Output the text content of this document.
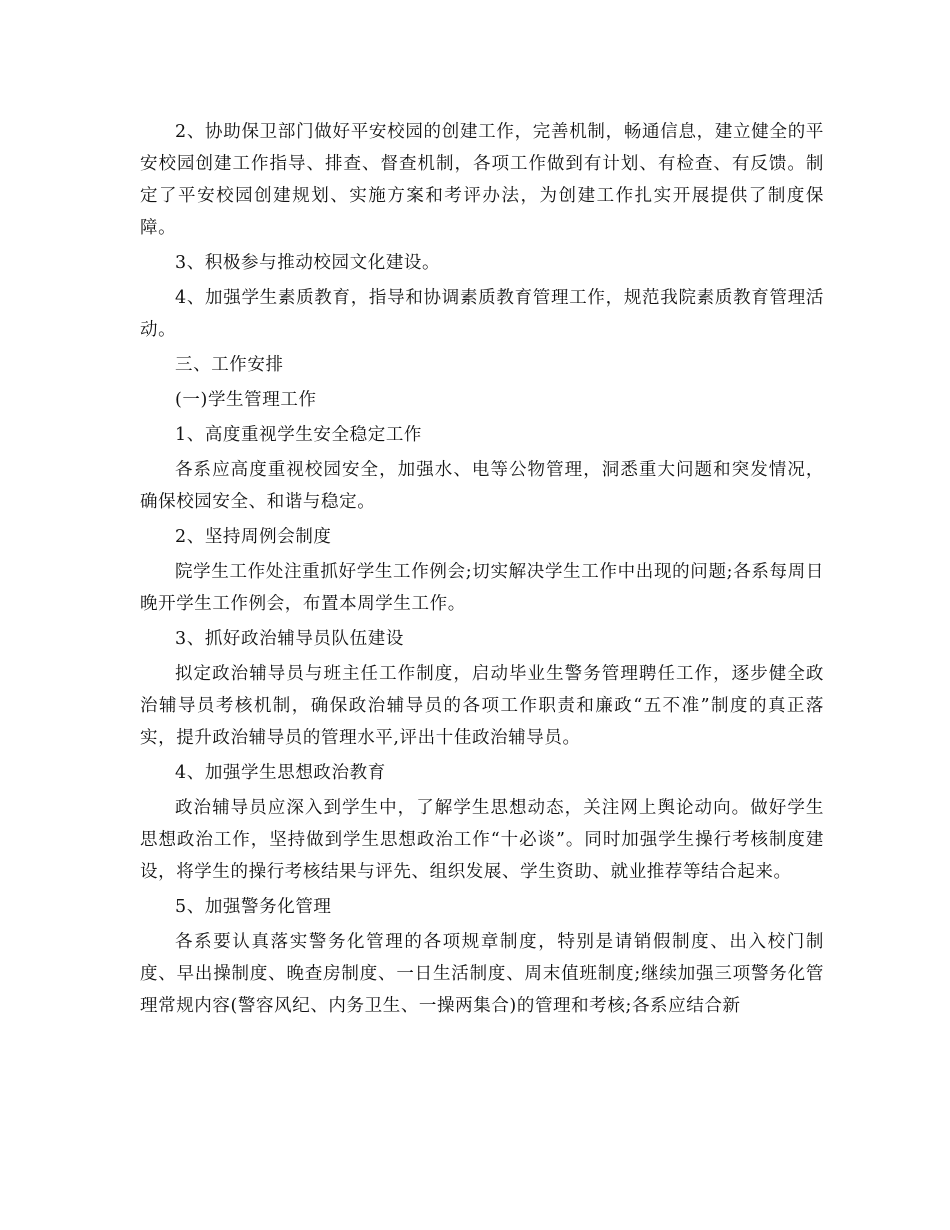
2、协助保卫部门做好平安校园的创建工作，完善机制，畅通信息，建立健全的平安校园创建工作指导、排查、督查机制，各项工作做到有计划、有检查、有反馈。制定了平安校园创建规划、实施方案和考评办法，为创建工作扎实开展提供了制度保障。

3、积极参与推动校园文化建设。

4、加强学生素质教育，指导和协调素质教育管理工作，规范我院素质教育管理活动。

三、工作安排

(一)学生管理工作

1、高度重视学生安全稳定工作

各系应高度重视校园安全，加强水、电等公物管理，洞悉重大问题和突发情况，确保校园安全、和谐与稳定。

2、坚持周例会制度

院学生工作处注重抓好学生工作例会;切实解决学生工作中出现的问题;各系每周日晚开学生工作例会，布置本周学生工作。

3、抓好政治辅导员队伍建设

拟定政治辅导员与班主任工作制度，启动毕业生警务管理聘任工作，逐步健全政治辅导员考核机制，确保政治辅导员的各项工作职责和廉政“五不准”制度的真正落实，提升政治辅导员的管理水平,评出十佳政治辅导员。

4、加强学生思想政治教育

政治辅导员应深入到学生中，了解学生思想动态，关注网上舆论动向。做好学生思想政治工作，坚持做到学生思想政治工作“十必谈”。同时加强学生操行考核制度建设，将学生的操行考核结果与评先、组织发展、学生资助、就业推荐等结合起来。

5、加强警务化管理

各系要认真落实警务化管理的各项规章制度，特别是请销假制度、出入校门制度、早出操制度、晚查房制度、一日生活制度、周末值班制度;继续加强三项警务化管理常规内容(警容风纪、内务卫生、一操两集合)的管理和考核;各系应结合新
